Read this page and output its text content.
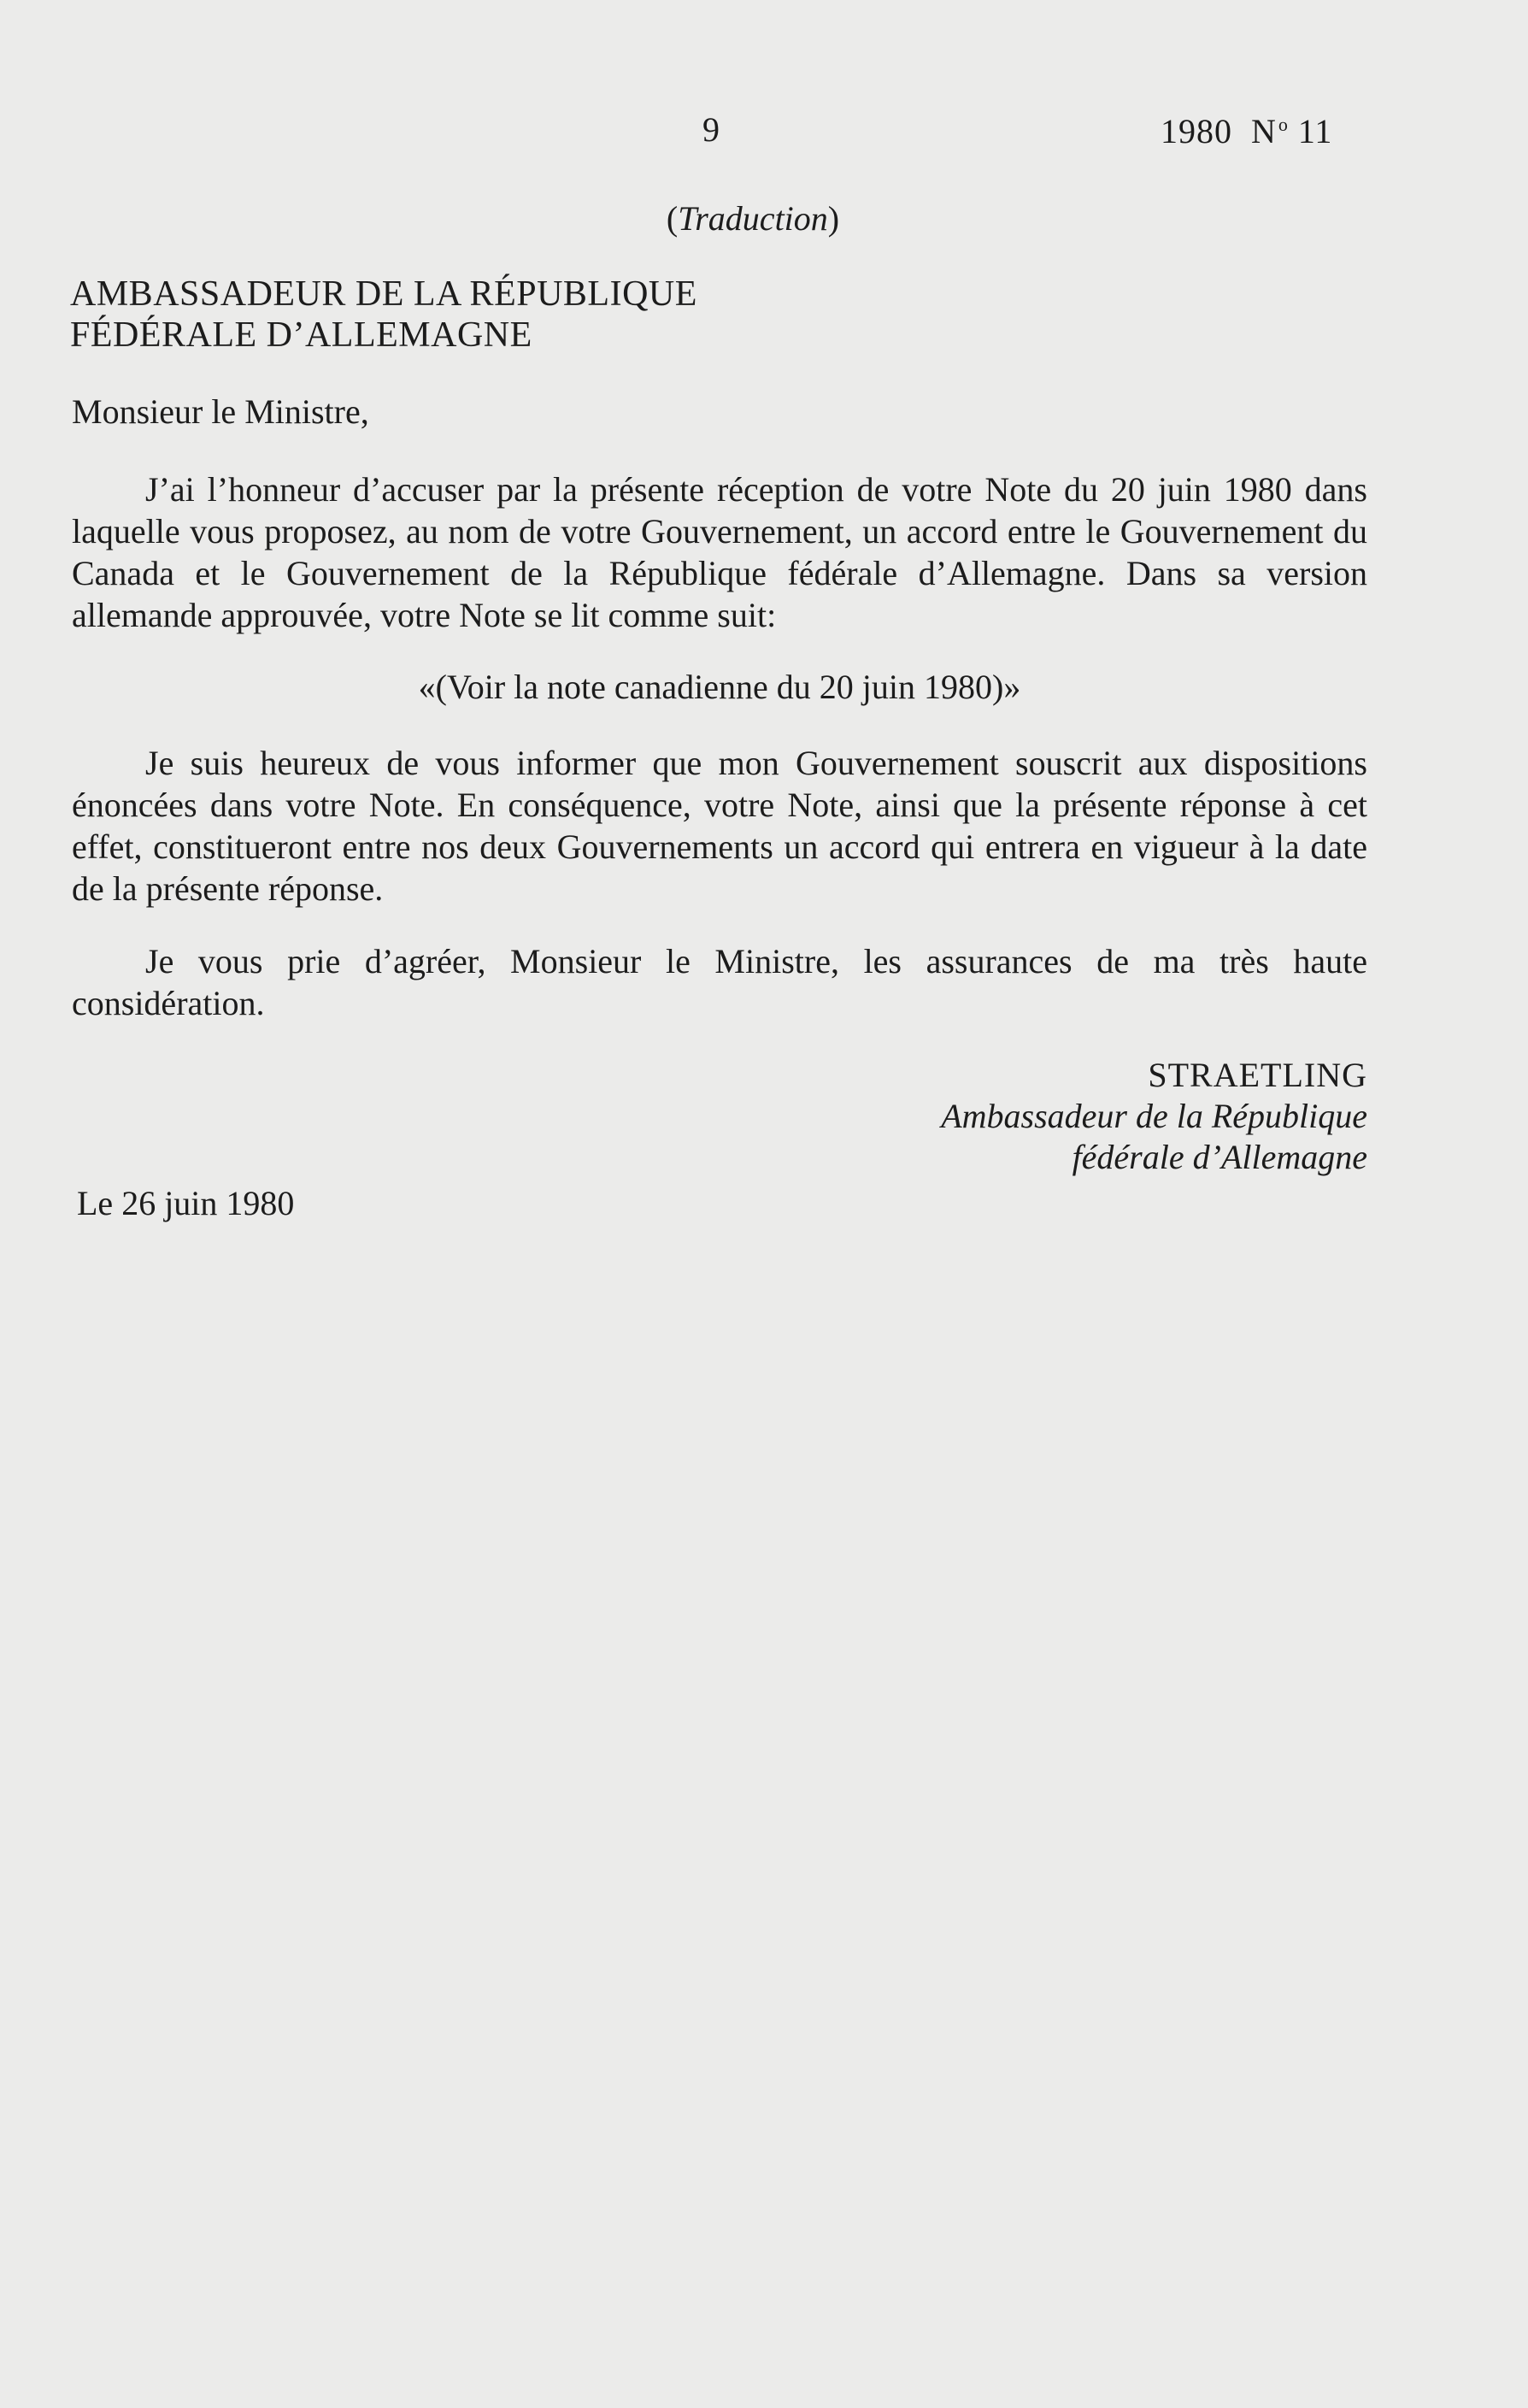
9	1980 $N^o$ 11
(Traduction)
AMBASSADEUR DE LA RÉPUBLIQUE
FÉDÉRALE D’ALLEMAGNE
Monsieur le Ministre,

J’ai l’honneur d’accuser par la présente réception de votre Note du 20 juin 1980 dans laquelle vous proposez, au nom de votre Gouvernement, un accord entre le Gouvernement du Canada et le Gouvernement de la République fédérale d’Allemagne. Dans sa version allemande approuvée, votre Note se lit comme suit:

«(Voir la note canadienne du 20 juin 1980)»

Je suis heureux de vous informer que mon Gouvernement souscrit aux dispositions énoncées dans votre Note. En conséquence, votre Note, ainsi que la présente réponse à cet effet, constitueront entre nos deux Gouvernements un accord qui entrera en vigueur à la date de la présente réponse.

Je vous prie d’agréer, Monsieur le Ministre, les assurances de ma très haute considération.

STRAETLING
Ambassadeur de la République
fédérale d’Allemagne
Le 26 juin 1980
